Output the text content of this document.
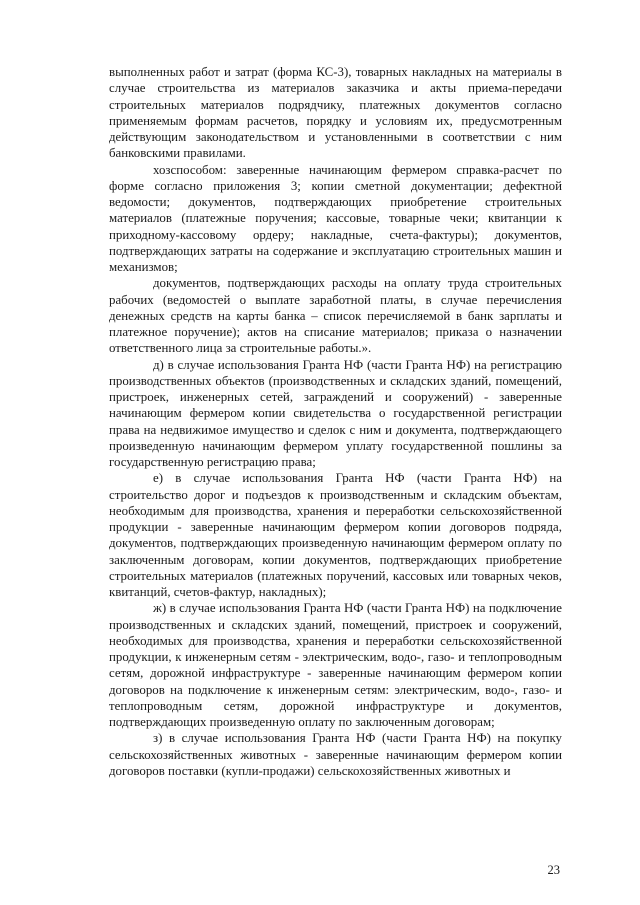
выполненных работ и затрат (форма КС-3), товарных накладных на материалы в случае строительства из материалов заказчика и акты приема-передачи строительных материалов подрядчику, платежных документов согласно применяемым формам расчетов, порядку и условиям их, предусмотренным действующим законодательством и установленными в соответствии с ним банковскими правилами.

хозспособом: заверенные начинающим фермером справка-расчет по форме согласно приложения 3; копии сметной документации; дефектной ведомости; документов, подтверждающих приобретение строительных материалов (платежные поручения; кассовые, товарные чеки; квитанции к приходному-кассовому ордеру; накладные, счета-фактуры); документов, подтверждающих затраты на содержание и эксплуатацию строительных машин и механизмов;

документов, подтверждающих расходы на оплату труда строительных рабочих (ведомостей о выплате заработной платы, в случае перечисления денежных средств на карты банка – список перечисляемой в банк зарплаты и платежное поручение); актов на списание материалов; приказа о назначении ответственного лица за строительные работы.».

д) в случае использования Гранта НФ (части Гранта НФ) на регистрацию производственных объектов (производственных и складских зданий, помещений, пристроек, инженерных сетей, заграждений и сооружений) - заверенные начинающим фермером копии свидетельства о государственной регистрации права на недвижимое имущество и сделок с ним и документа, подтверждающего произведенную начинающим фермером уплату государственной пошлины за государственную регистрацию права;

е) в случае использования Гранта НФ (части Гранта НФ) на строительство дорог и подъездов к производственным и складским объектам, необходимым для производства, хранения и переработки сельскохозяйственной продукции - заверенные начинающим фермером копии договоров подряда, документов, подтверждающих произведенную начинающим фермером оплату по заключенным договорам, копии документов, подтверждающих приобретение строительных материалов (платежных поручений, кассовых или товарных чеков, квитанций, счетов-фактур, накладных);

ж) в случае использования Гранта НФ (части Гранта НФ) на подключение производственных и складских зданий, помещений, пристроек и сооружений, необходимых для производства, хранения и переработки сельскохозяйственной продукции, к инженерным сетям - электрическим, водо-, газо- и теплопроводным сетям, дорожной инфраструктуре - заверенные начинающим фермером копии договоров на подключение к инженерным сетям: электрическим, водо-, газо- и теплопроводным сетям, дорожной инфраструктуре и документов, подтверждающих произведенную оплату по заключенным договорам;

з) в случае использования Гранта НФ (части Гранта НФ) на покупку сельскохозяйственных животных - заверенные начинающим фермером копии договоров поставки (купли-продажи) сельскохозяйственных животных и

23
